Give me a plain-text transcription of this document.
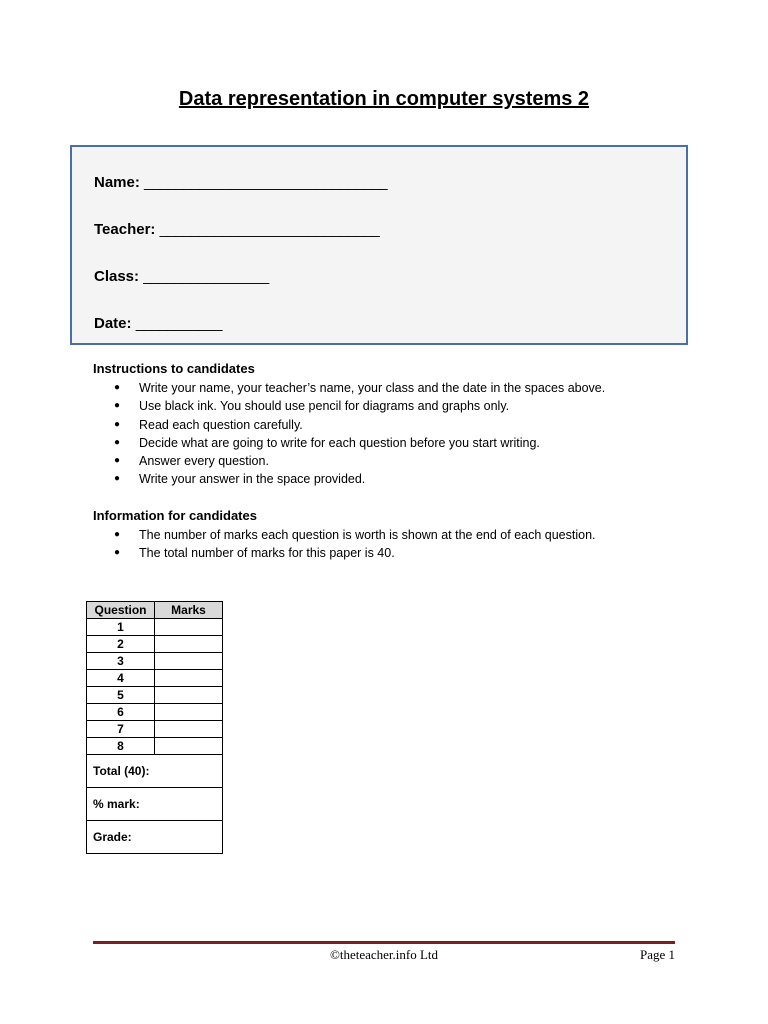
Data representation in computer systems 2
Name: _______________________________
Teacher: ____________________________
Class: ________________
Date: ___________
Instructions to candidates
● Write your name, your teacher’s name, your class and the date in the spaces above.
● Use black ink. You should use pencil for diagrams and graphs only.
● Read each question carefully.
● Decide what are going to write for each question before you start writing.
● Answer every question.
● Write your answer in the space provided.
Information for candidates
● The number of marks each question is worth is shown at the end of each question.
● The total number of marks for this paper is 40.
Question	Marks
1	
2	
3	
4	
5	
6	
7	
8	
Total (40):	
% mark:	
Grade:	
©theteacher.info Ltd	Page 1
